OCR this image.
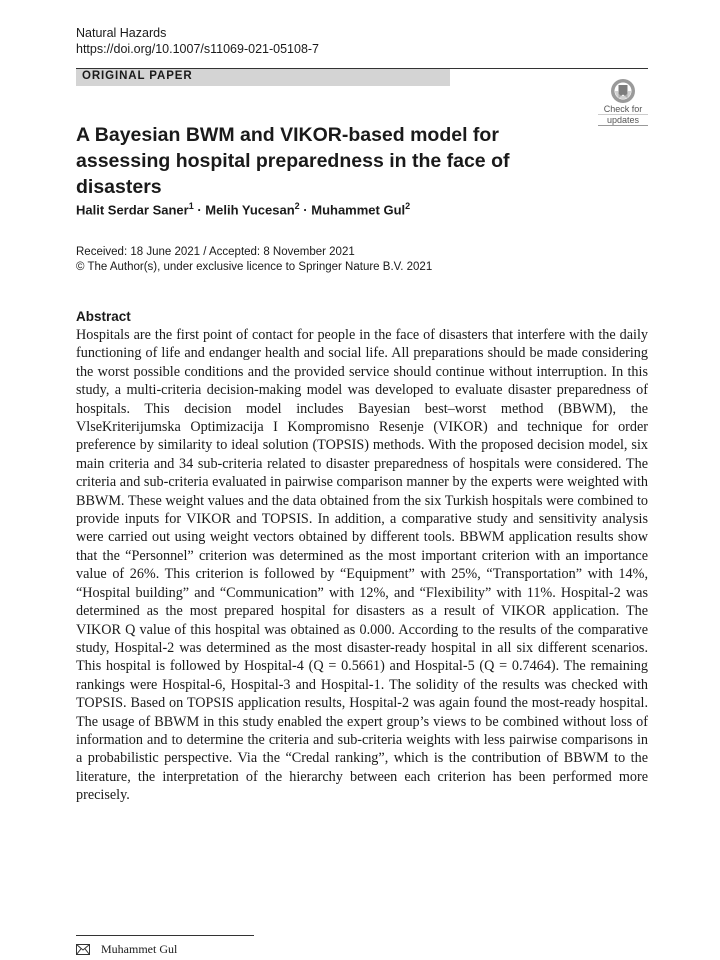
Natural Hazards
https://doi.org/10.1007/s11069-021-05108-7
ORIGINAL PAPER
Check for
updates
A Bayesian BWM and VIKOR-based model for assessing hospital preparedness in the face of disasters
Halit Serdar Saner$^1$ · Melih Yucesan$^2$ · Muhammet Gul$^2$
Received: 18 June 2021 / Accepted: 8 November 2021
© The Author(s), under exclusive licence to Springer Nature B.V. 2021
Abstract
Hospitals are the first point of contact for people in the face of disasters that interfere with the daily functioning of life and endanger health and social life. All preparations should be made considering the worst possible conditions and the provided service should continue without interruption. In this study, a multi-criteria decision-making model was developed to evaluate disaster preparedness of hospitals. This decision model includes Bayesian best–worst method (BBWM), the VlseKriterijumska Optimizacija I Kompromisno Resenje (VIKOR) and technique for order preference by similarity to ideal solution (TOPSIS) methods. With the proposed decision model, six main criteria and 34 sub-criteria related to disaster preparedness of hospitals were considered. The criteria and sub-criteria evaluated in pairwise comparison manner by the experts were weighted with BBWM. These weight values and the data obtained from the six Turkish hospitals were combined to provide inputs for VIKOR and TOPSIS. In addition, a comparative study and sensitivity analysis were carried out using weight vectors obtained by different tools. BBWM application results show that the “Personnel” criterion was determined as the most important criterion with an importance value of 26%. This criterion is followed by “Equipment” with 25%, “Transportation” with 14%, “Hospital building” and “Communication” with 12%, and “Flexibility” with 11%. Hospital-2 was determined as the most prepared hospital for disasters as a result of VIKOR application. The VIKOR Q value of this hospital was obtained as 0.000. According to the results of the comparative study, Hospital-2 was determined as the most disaster-ready hospital in all six different scenarios. This hospital is followed by Hospital-4 (Q = 0.5661) and Hospital-5 (Q = 0.7464). The remaining rankings were Hospital-6, Hospital-3 and Hospital-1. The solidity of the results was checked with TOPSIS. Based on TOPSIS application results, Hospital-2 was again found the most-ready hospital. The usage of BBWM in this study enabled the expert group’s views to be combined without loss of information and to determine the criteria and sub-criteria weights with less pairwise comparisons in a probabilistic perspective. Via the “Credal ranking”, which is the contribution of BBWM to the literature, the interpretation of the hierarchy between each criterion has been performed more precisely.
Muhammet Gul
